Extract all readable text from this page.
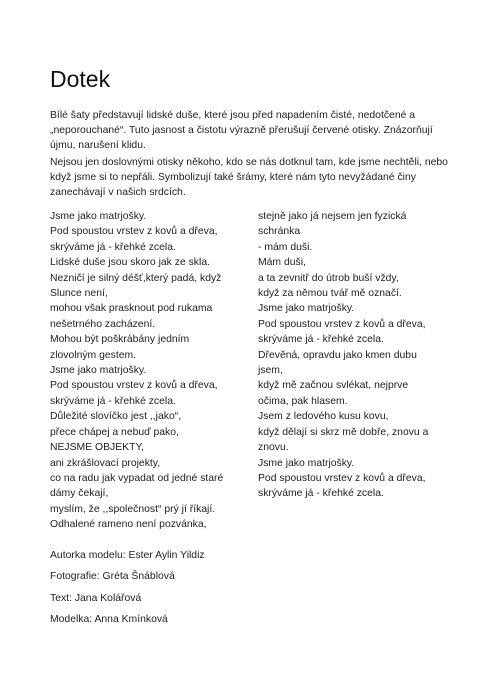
Dotek

Bílé šaty představují lidské duše, které jsou před napadením čisté, nedotčené a „neporouchané“. Tuto jasnost a čistotu výrazně přerušují červené otisky. Znázorňují újmu, narušení klidu.

Nejsou jen doslovnými otisky někoho, kdo se nás dotknul tam, kde jsme nechtěli, nebo když jsme si to nepřáli. Symbolizují také šrámy, které nám tyto nevyžádané činy zanechávají v našich srdcích.

Jsme jako matrjošky.
Pod spoustou vrstev z kovů a dřeva,
skrýváme já - křehké zcela.
Lidské duše jsou skoro jak ze skla.
Nezničí je silný déšť,který padá, když
Slunce není,
mohou však prasknout pod rukama
nešetrného zacházení.
Mohou být poškrábány jedním
zlovolným gestem.
Jsme jako matrjošky.
Pod spoustou vrstev z kovů a dřeva,
skrýváme já - křehké zcela.
Důležité slovíčko jest ,,jako“,
přece chápej a nebuď pako,
NEJSME OBJEKTY,
ani zkrášlovací projekty,
co na radu jak vypadat od jedné staré
dámy čekají,
myslím, že ,,společnost“ prý jí říkají.
Odhalené rameno není pozvánka,
stejně jako já nejsem jen fyzická
schránka
- mám duši.
Mám duši,
a ta zevnitř do útrob buší vždy,
když za němou tvář mě označí.
Jsme jako matrjošky.
Pod spoustou vrstev z kovů a dřeva,
skrýváme já - křehké zcela.
Dřevěná, opravdu jako kmen dubu
jsem,
když mě začnou svlékat, nejprve
očima, pak hlasem.
Jsem z ledového kusu kovu,
když dělají si skrz mě dobře, znovu a
znovu.
Jsme jako matrjošky.
Pod spoustou vrstev z kovů a dřeva,
skrýváme já - křehké zcela.
Autorka modelu: Ester Aylin Yildiz
Fotografie: Gréta Šnáblová
Text: Jana Kolářová
Modelka: Anna Kmínková
